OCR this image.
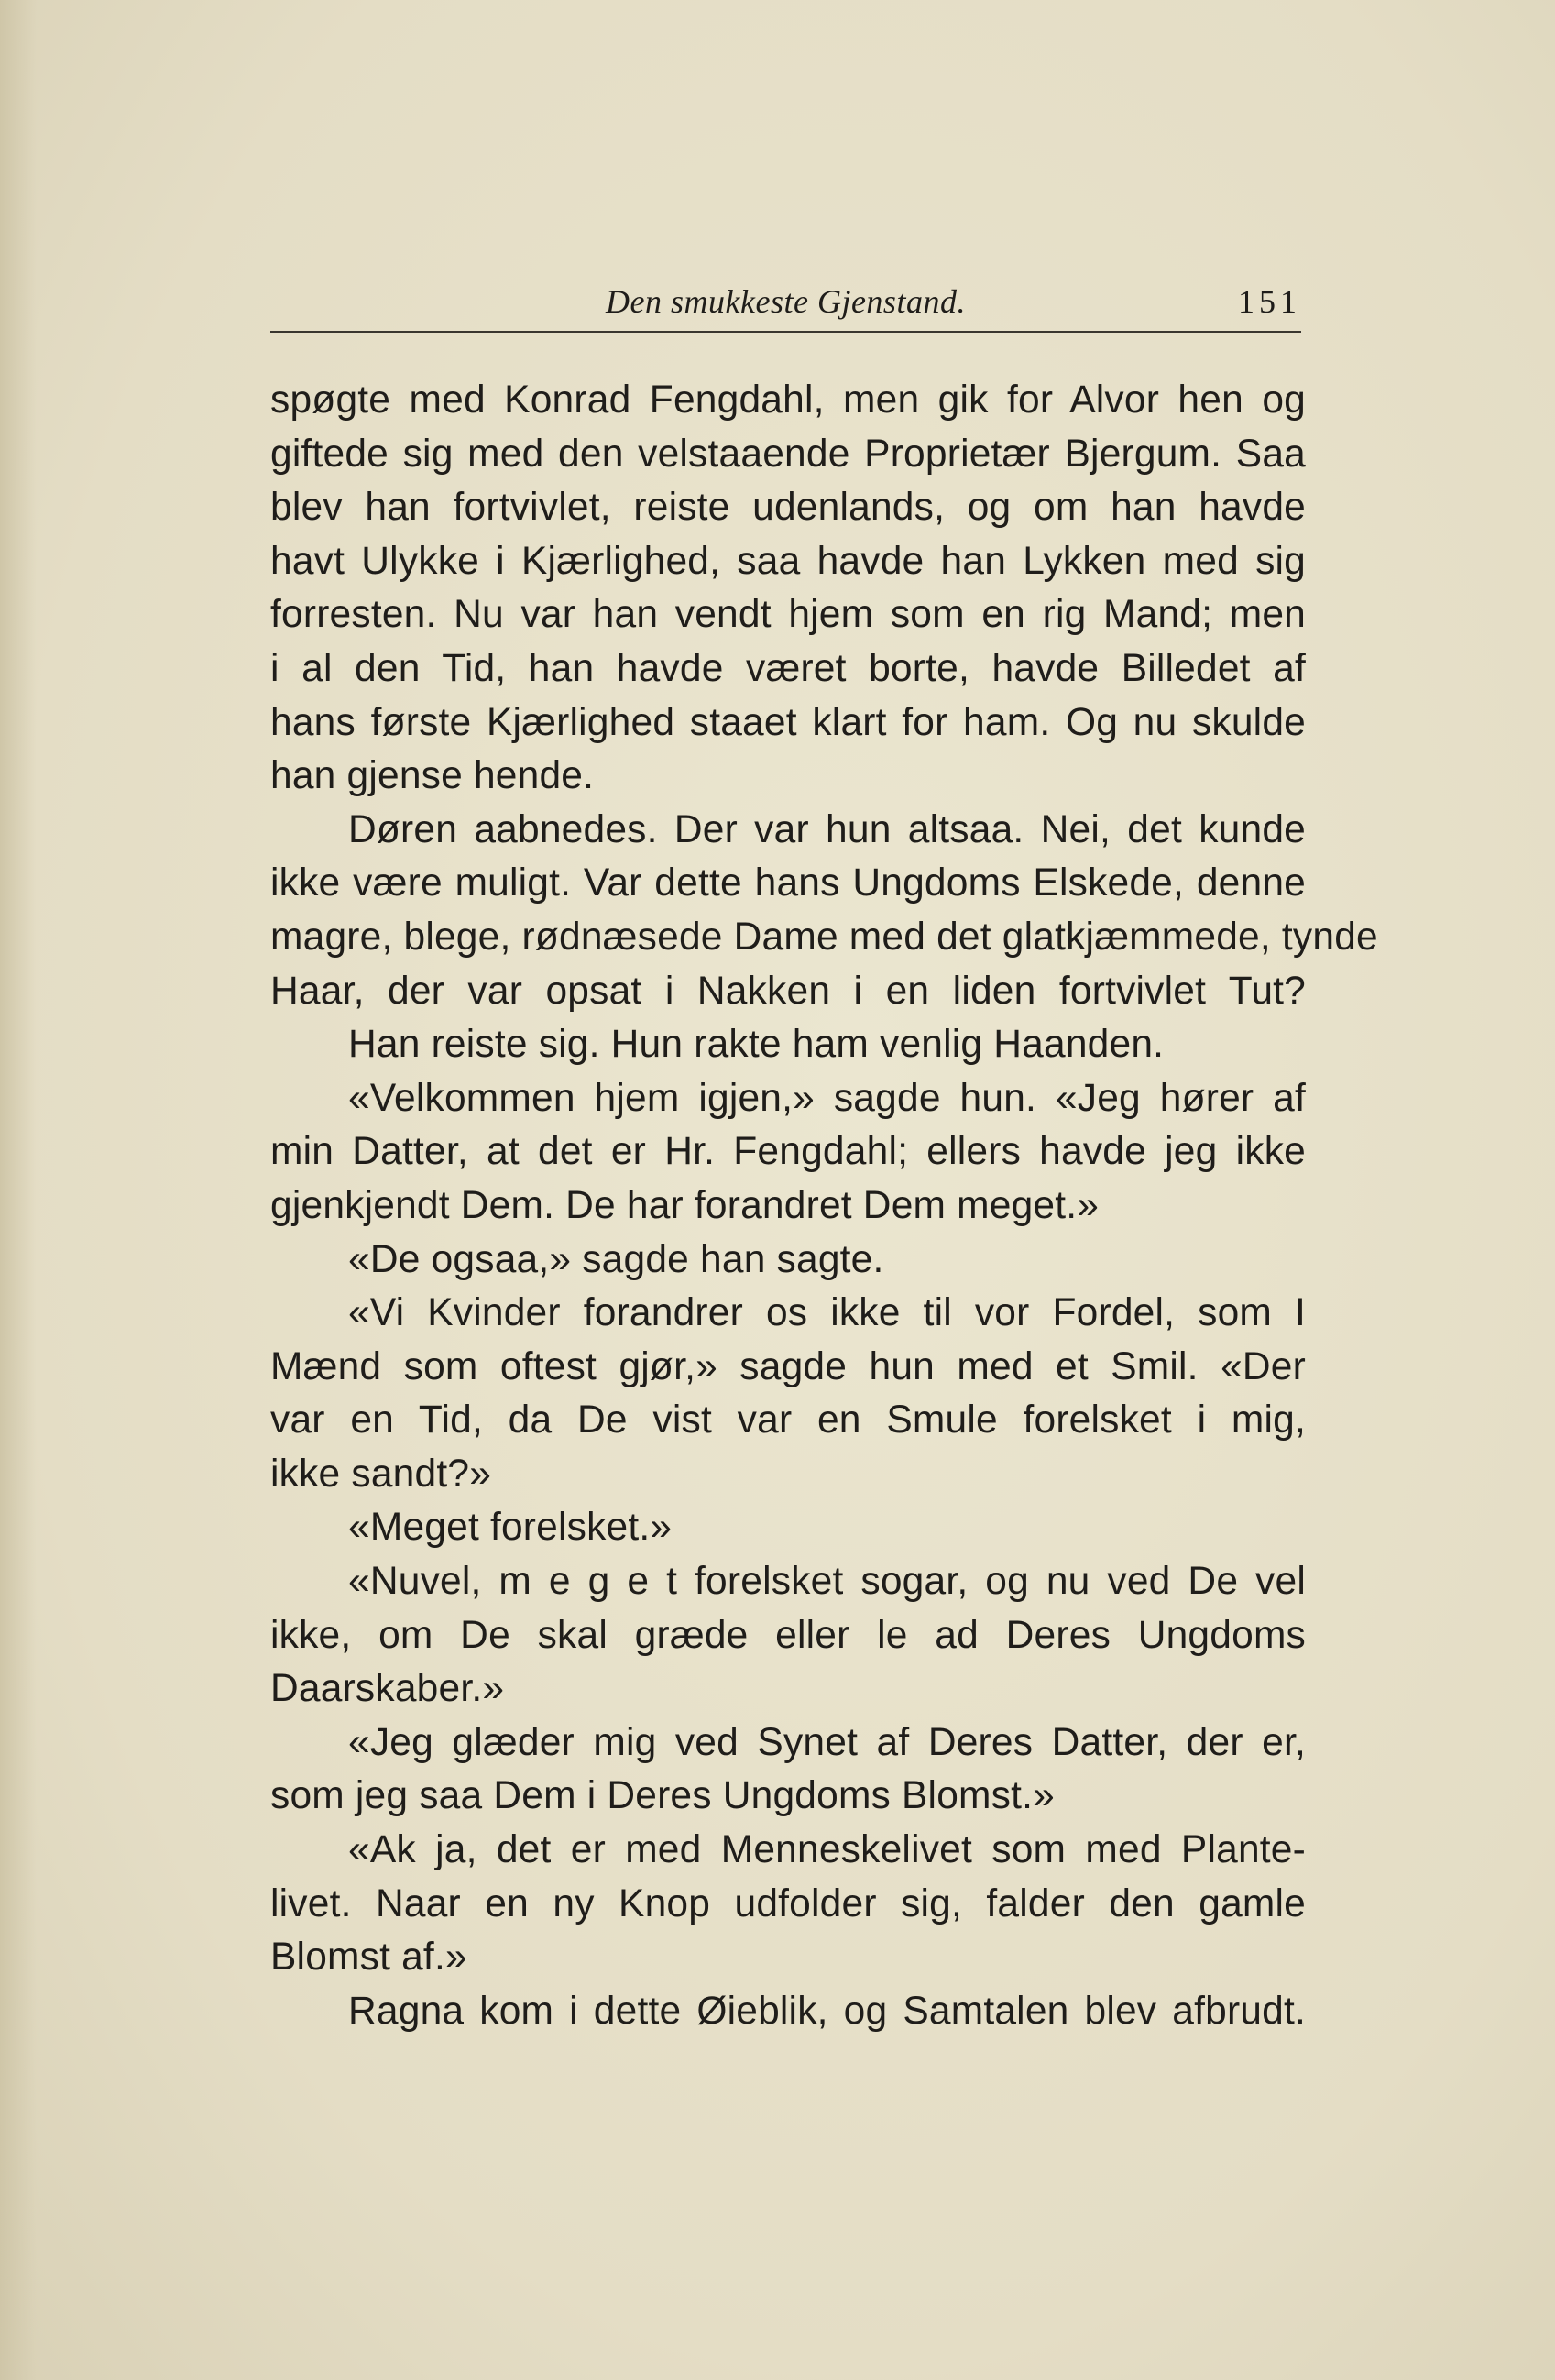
Den smukkeste Gjenstand.	151
spøgte med Konrad Fengdahl, men gik for Alvor hen og
giftede sig med den velstaaende Proprietær Bjergum. Saa
blev han fortvivlet, reiste udenlands, og om han havde
havt Ulykke i Kjærlighed, saa havde han Lykken med sig
forresten. Nu var han vendt hjem som en rig Mand; men
i al den Tid, han havde været borte, havde Billedet af
hans første Kjærlighed staaet klart for ham. Og nu skulde
han gjense hende.
Døren aabnedes. Der var hun altsaa. Nei, det kunde
ikke være muligt. Var dette hans Ungdoms Elskede, denne
magre, blege, rødnæsede Dame med det glatkjæmmede, tynde
Haar, der var opsat i Nakken i en liden fortvivlet Tut?
Han reiste sig. Hun rakte ham venlig Haanden.
«Velkommen hjem igjen,» sagde hun. «Jeg hører af
min Datter, at det er Hr. Fengdahl; ellers havde jeg ikke
gjenkjendt Dem. De har forandret Dem meget.»
«De ogsaa,» sagde han sagte.
«Vi Kvinder forandrer os ikke til vor Fordel, som I
Mænd som oftest gjør,» sagde hun med et Smil. «Der
var en Tid, da De vist var en Smule forelsket i mig,
ikke sandt?»
«Meget forelsket.»
«Nuvel, m e g e t forelsket sogar, og nu ved De vel
ikke, om De skal græde eller le ad Deres Ungdoms
Daarskaber.»
«Jeg glæder mig ved Synet af Deres Datter, der er,
som jeg saa Dem i Deres Ungdoms Blomst.»
«Ak ja, det er med Menneskelivet som med Plante-
livet. Naar en ny Knop udfolder sig, falder den gamle
Blomst af.»
Ragna kom i dette Øieblik, og Samtalen blev afbrudt.
